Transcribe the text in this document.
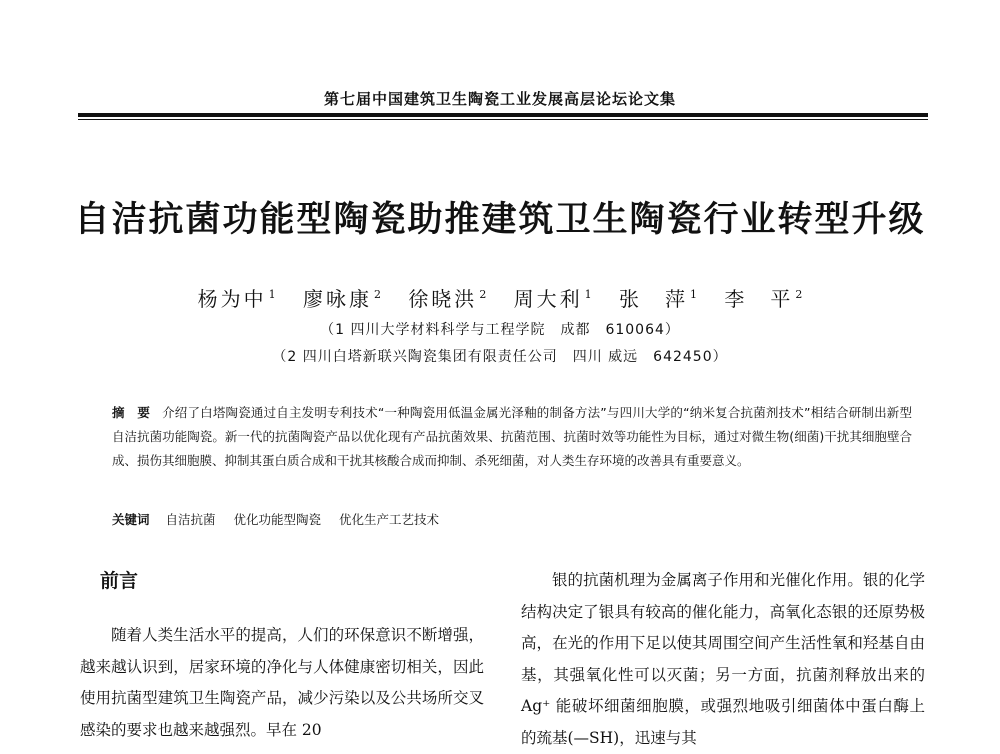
第七届中国建筑卫生陶瓷工业发展高层论坛论文集
自洁抗菌功能型陶瓷助推建筑卫生陶瓷行业转型升级
杨为中 $^1$ 廖咏康 $^2$ 徐晓洪 $^2$ 周大利 $^1$ 张　萍 $^1$ 李　平 $^2$
（1 四川大学材料科学与工程学院　成都　610064）
（2 四川白塔新联兴陶瓷集团有限责任公司　四川 威远　642450）
摘　要 介绍了白塔陶瓷通过自主发明专利技术“一种陶瓷用低温金属光泽釉的制备方法”与四川大学的“纳米复合抗菌剂技术”相结合研制出新型自洁抗菌功能陶瓷。新一代的抗菌陶瓷产品以优化现有产品抗菌效果、抗菌范围、抗菌时效等功能性为目标，通过对微生物(细菌)干扰其细胞壁合成、损伤其细胞膜、抑制其蛋白质合成和干扰其核酸合成而抑制、杀死细菌，对人类生存环境的改善具有重要意义。
关键词 自洁抗菌 优化功能型陶瓷 优化生产工艺技术
前言
随着人类生活水平的提高，人们的环保意识不断增强，越来越认识到，居家环境的净化与人体健康密切相关，因此使用抗菌型建筑卫生陶瓷产品，减少污染以及公共场所交叉感染的要求也越来越强烈。早在 20
银的抗菌机理为金属离子作用和光催化作用。银的化学结构决定了银具有较高的催化能力，高氧化态银的还原势极高，在光的作用下足以使其周围空间产生活性氧和羟基自由基，其强氧化性可以灭菌；另一方面，抗菌剂释放出来的 Ag⁺ 能破坏细菌细胞膜，或强烈地吸引细菌体中蛋白酶上的巯基(—SH)，迅速与其
